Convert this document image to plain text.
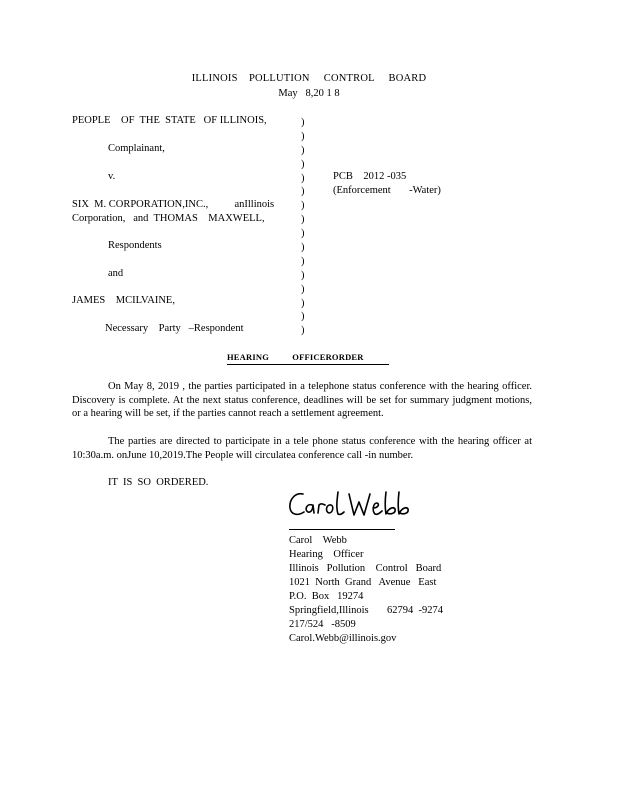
ILLINOIS    POLLUTION     CONTROL     BOARD
May   8,20 1 8
PEOPLE    OF  THE  STATE   OF ILLINOIS,
Complainant,
v.
SIX  M. CORPORATION,INC.,          anIllinois
Corporation,   and  THOMAS    MAXWELL,
Respondents
and
JAMES    MCILVAINE,
Necessary    Party   –Respondent
)
)
)
)
)
)
)
)
)
)
)
)
)
)
)
)
PCB    2012 -035
(Enforcement       -Water)
HEARING          OFFICERORDER
On May 8, 2019 , the parties participated in a telephone status conference with the hearing officer. Discovery is complete. At the next status conference, deadlines will be set for summary judgment motions, or a hearing will be set, if the parties cannot reach a settlement agreement.
The parties are directed to participate in a tele phone status conference with the hearing officer at 10:30a.m. onJune 10,2019.The People will circulatea conference call -in number.
IT  IS  SO  ORDERED.
Carol    Webb
Hearing    Officer
Illinois   Pollution    Control   Board
1021  North  Grand   Avenue   East
P.O.  Box   19274
Springfield,Illinois       62794  -9274
217/524   -8509
Carol.Webb@illinois.gov
